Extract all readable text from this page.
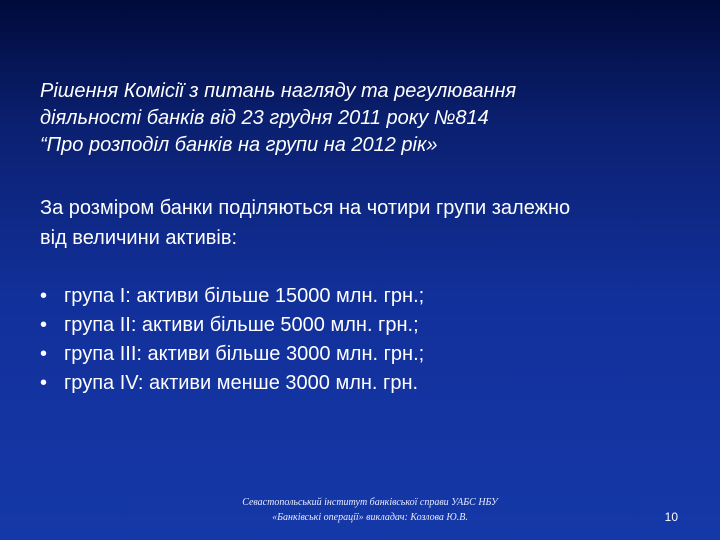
Рішення Комісії з питань нагляду та регулювання
діяльності банків від 23 грудня 2011 року №814
“Про розподіл банків на групи на 2012 рік»
За розміром банки поділяються на чотири групи залежно
від величини активів:
• група І: активи більше 15000 млн. грн.;
• група ІІ: активи більше 5000 млн. грн.;
• група ІІІ: активи більше 3000 млн. грн.;
• група IV: активи менше 3000 млн. грн.
Севастопольський інститут банківської справи УАБС НБУ
«Банківські операції» викладач: Козлова Ю.В.	10
